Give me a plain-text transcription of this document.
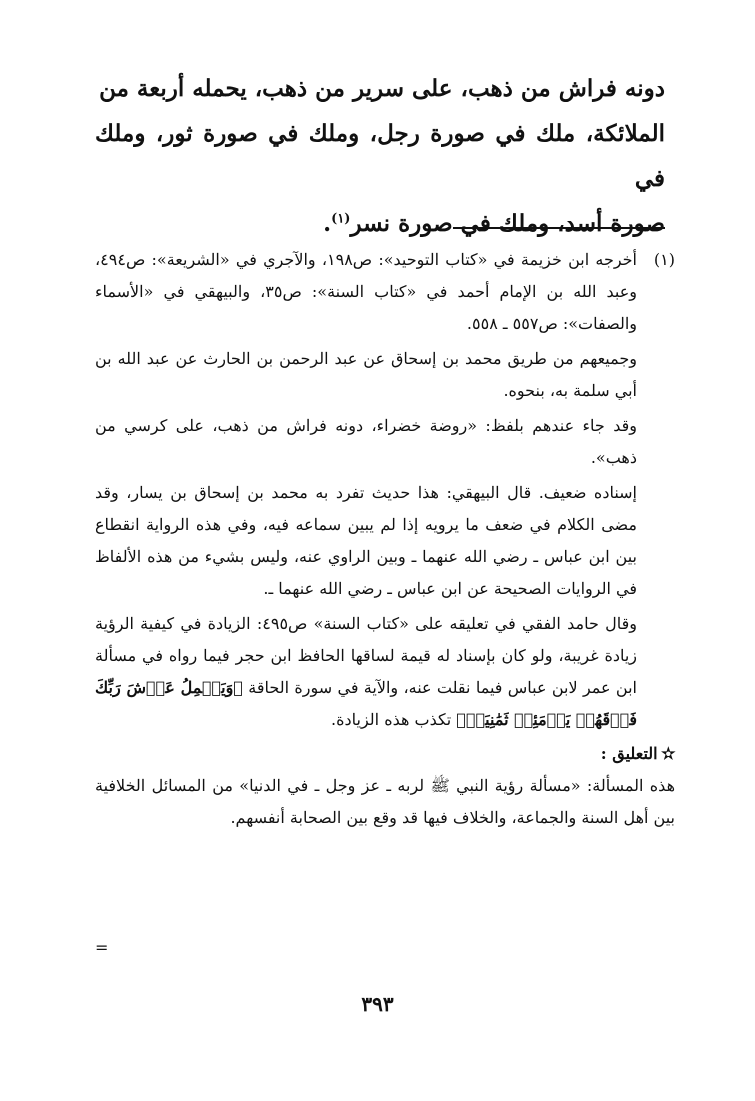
دونه فراش من ذهب، على سرير من ذهب، يحمله أربعة من
الملائكة، ملك في صورة رجل، وملك في صورة ثور، وملك في
صورة أسد، وملك في صورة نسر$^{(١)}$.
(١)

أخرجه ابن خزيمة في «كتاب التوحيد»: ص١٩٨، والآجري في «الشريعة»: ص٤٩٤، وعبد الله بن الإمام أحمد في «كتاب السنة»: ص٣٥، والبيهقي في «الأسماء والصفات»: ص٥٥٧ ـ ٥٥٨.

وجميعهم من طريق محمد بن إسحاق عن عبد الرحمن بن الحارث عن عبد الله بن أبي سلمة به، بنحوه.

وقد جاء عندهم بلفظ: «روضة خضراء، دونه فراش من ذهب، على كرسي من ذهب».

إسناده ضعيف. قال البيهقي: هذا حديث تفرد به محمد بن إسحاق بن يسار، وقد مضى الكلام في ضعف ما يرويه إذا لم يبين سماعه فيه، وفي هذه الرواية انقطاع بين ابن عباس ـ رضي الله عنهما ـ وبين الراوي عنه، وليس بشيء من هذه الألفاظ في الروايات الصحيحة عن ابن عباس ـ رضي الله عنهما ـ.

وقال حامد الفقي في تعليقه على «كتاب السنة» ص٤٩٥: الزيادة في كيفية الرؤية زيادة غريبة، ولو كان بإسناد له قيمة لساقها الحافظ ابن حجر فيما رواه في مسألة ابن عمر لابن عباس فيما نقلت عنه، والآية في سورة الحاقة ﴿وَيَحۡمِلُ عَرۡشَ رَبِّكَ فَوۡقَهُمۡ يَوۡمَئِذٖ ثَمَٰنِيَةٞ﴾ تكذب هذه الزيادة.

✫التعليق :

هذه المسألة: «مسألة رؤية النبي ﷺ لربه ـ عز وجل ـ في الدنيا» من المسائل الخلافية بين أهل السنة والجماعة، والخلاف فيها قد وقع بين الصحابة أنفسهم.

=
٣٩٣
